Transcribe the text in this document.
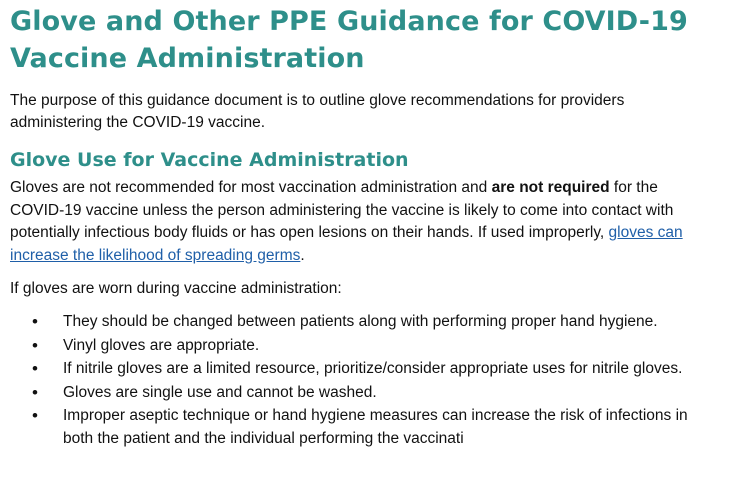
Glove and Other PPE Guidance for COVID-19
Vaccine Administration

The purpose of this guidance document is to outline glove recommendations for providers administering the COVID-19 vaccine.

Glove Use for Vaccine Administration

Gloves are not recommended for most vaccination administration and are not required for the COVID-19 vaccine unless the person administering the vaccine is likely to come into contact with potentially infectious body fluids or has open lesions on their hands. If used improperly, gloves can increase the likelihood of spreading germs.

If gloves are worn during vaccine administration:

• They should be changed between patients along with performing proper hand hygiene.
• Vinyl gloves are appropriate.
• If nitrile gloves are a limited resource, prioritize/consider appropriate uses for nitrile gloves.
• Gloves are single use and cannot be washed.
• Improper aseptic technique or hand hygiene measures can increase the risk of infections in both the patient and the individual performing the vaccinati
